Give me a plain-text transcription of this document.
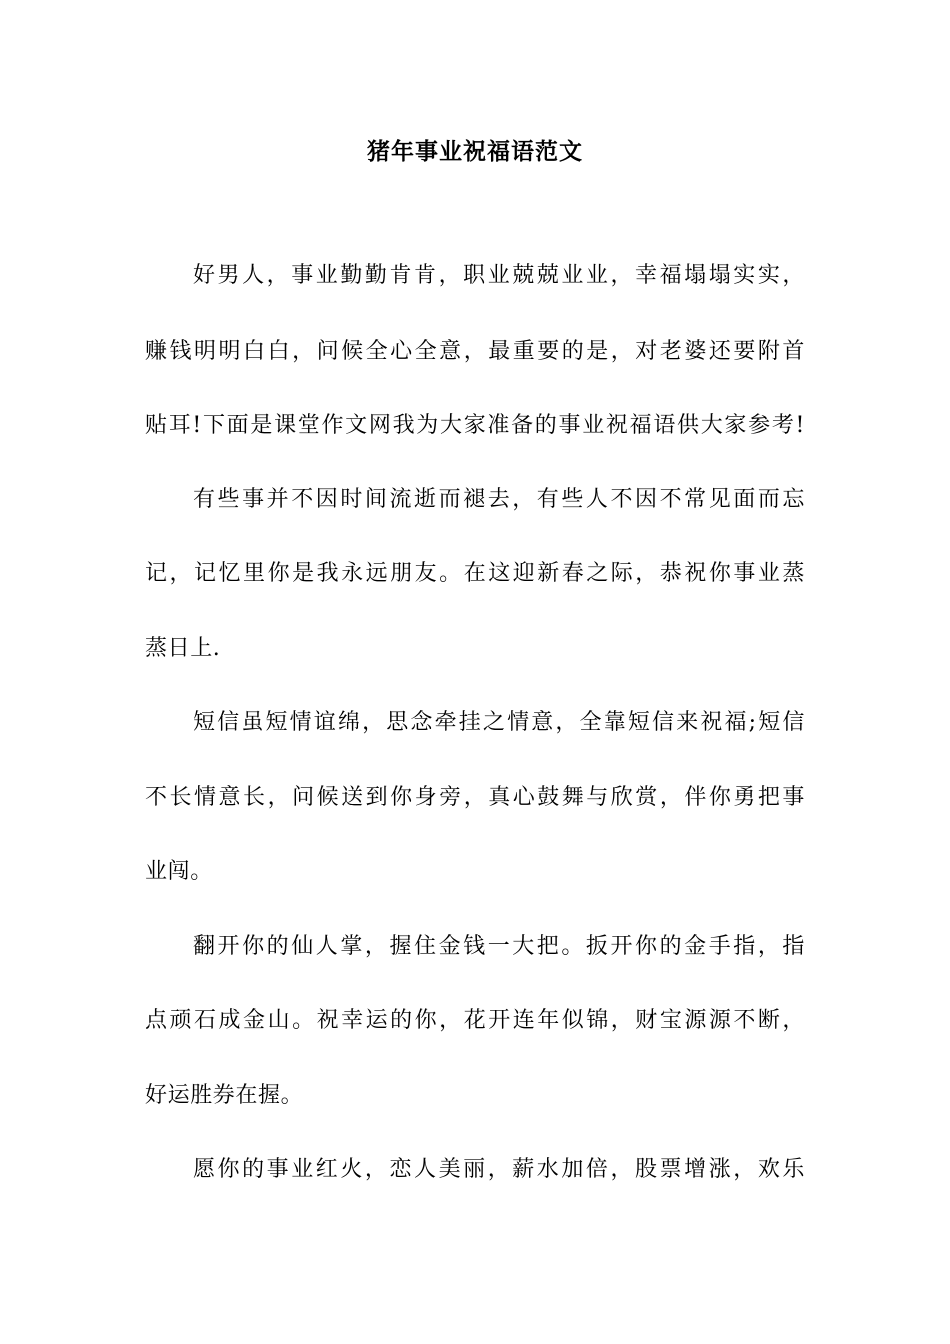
猪年事业祝福语范文
好男人，事业勤勤肯肯，职业兢兢业业，幸福塌塌实实，
赚钱明明白白，问候全心全意，最重要的是，对老婆还要附首
贴耳!下面是课堂作文网我为大家准备的事业祝福语供大家参考!
有些事并不因时间流逝而褪去，有些人不因不常见面而忘
记，记忆里你是我永远朋友。在这迎新春之际，恭祝你事业蒸
蒸日上.
短信虽短情谊绵，思念牵挂之情意，全靠短信来祝福;短信
不长情意长，问候送到你身旁，真心鼓舞与欣赏，伴你勇把事
业闯。
翻开你的仙人掌，握住金钱一大把。扳开你的金手指，指
点顽石成金山。祝幸运的你，花开连年似锦，财宝源源不断，
好运胜券在握。
愿你的事业红火，恋人美丽，薪水加倍，股票增涨，欢乐
